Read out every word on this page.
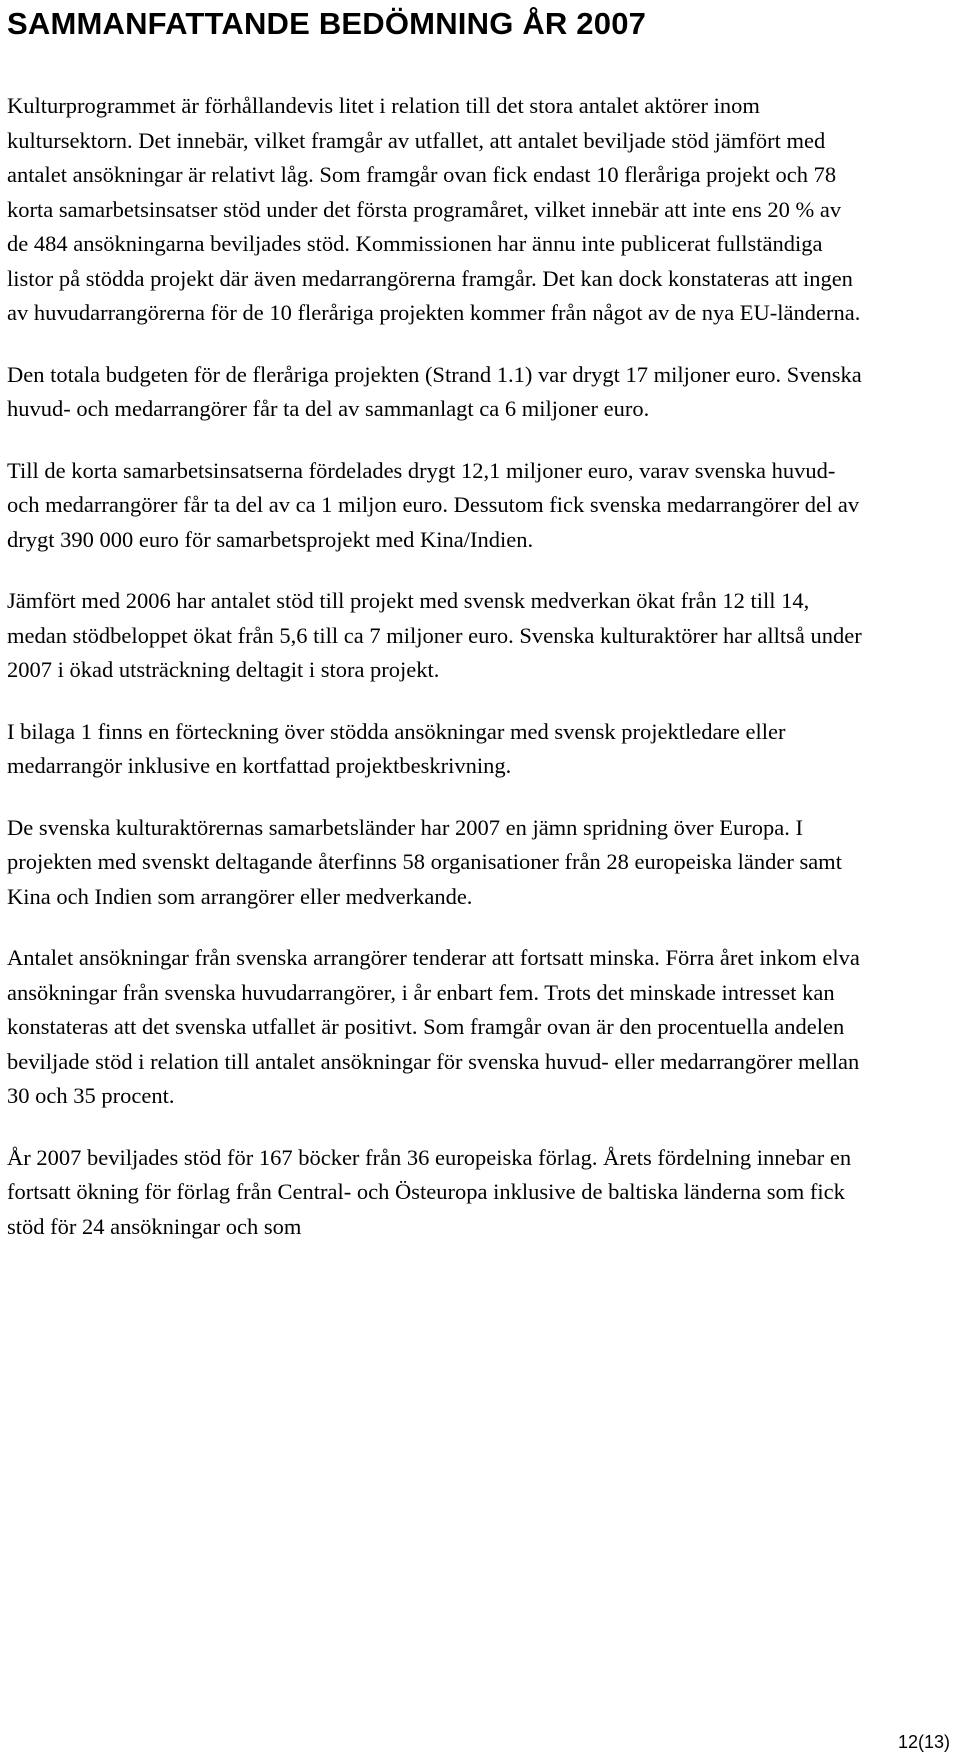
SAMMANFATTANDE BEDÖMNING ÅR 2007

Kulturprogrammet är förhållandevis litet i relation till det stora antalet aktörer inom kultursektorn. Det innebär, vilket framgår av utfallet, att antalet beviljade stöd jämfört med antalet ansökningar är relativt låg. Som framgår ovan fick endast 10 fleråriga projekt och 78 korta samarbetsinsatser stöd under det första programåret, vilket innebär att inte ens 20 % av de 484 ansökningarna beviljades stöd. Kommissionen har ännu inte publicerat fullständiga listor på stödda projekt där även medarrangörerna framgår. Det kan dock konstateras att ingen av huvudarrangörerna för de 10 fleråriga projekten kommer från något av de nya EU-länderna.

Den totala budgeten för de fleråriga projekten (Strand 1.1) var drygt 17 miljoner euro. Svenska huvud- och medarrangörer får ta del av sammanlagt ca 6 miljoner euro.

Till de korta samarbetsinsatserna fördelades drygt 12,1 miljoner euro, varav svenska huvud- och medarrangörer får ta del av ca 1 miljon euro. Dessutom fick svenska medarrangörer del av drygt 390 000 euro för samarbetsprojekt med Kina/Indien.

Jämfört med 2006 har antalet stöd till projekt med svensk medverkan ökat från 12 till 14, medan stödbeloppet ökat från 5,6 till ca 7 miljoner euro. Svenska kulturaktörer har alltså under 2007 i ökad utsträckning deltagit i stora projekt.

I bilaga 1 finns en förteckning över stödda ansökningar med svensk projektledare eller medarrangör inklusive en kortfattad projektbeskrivning.

De svenska kulturaktörernas samarbetsländer har 2007 en jämn spridning över Europa. I projekten med svenskt deltagande återfinns 58 organisationer från 28 europeiska länder samt Kina och Indien som arrangörer eller medverkande.

Antalet ansökningar från svenska arrangörer tenderar att fortsatt minska. Förra året inkom elva ansökningar från svenska huvudarrangörer, i år enbart fem. Trots det minskade intresset kan konstateras att det svenska utfallet är positivt. Som framgår ovan är den procentuella andelen beviljade stöd i relation till antalet ansökningar för svenska huvud- eller medarrangörer mellan 30 och 35 procent.

År 2007 beviljades stöd för 167 böcker från 36 europeiska förlag. Årets fördelning innebar en fortsatt ökning för förlag från Central- och Östeuropa inklusive de baltiska länderna som fick stöd för 24 ansökningar och som

12(13)
